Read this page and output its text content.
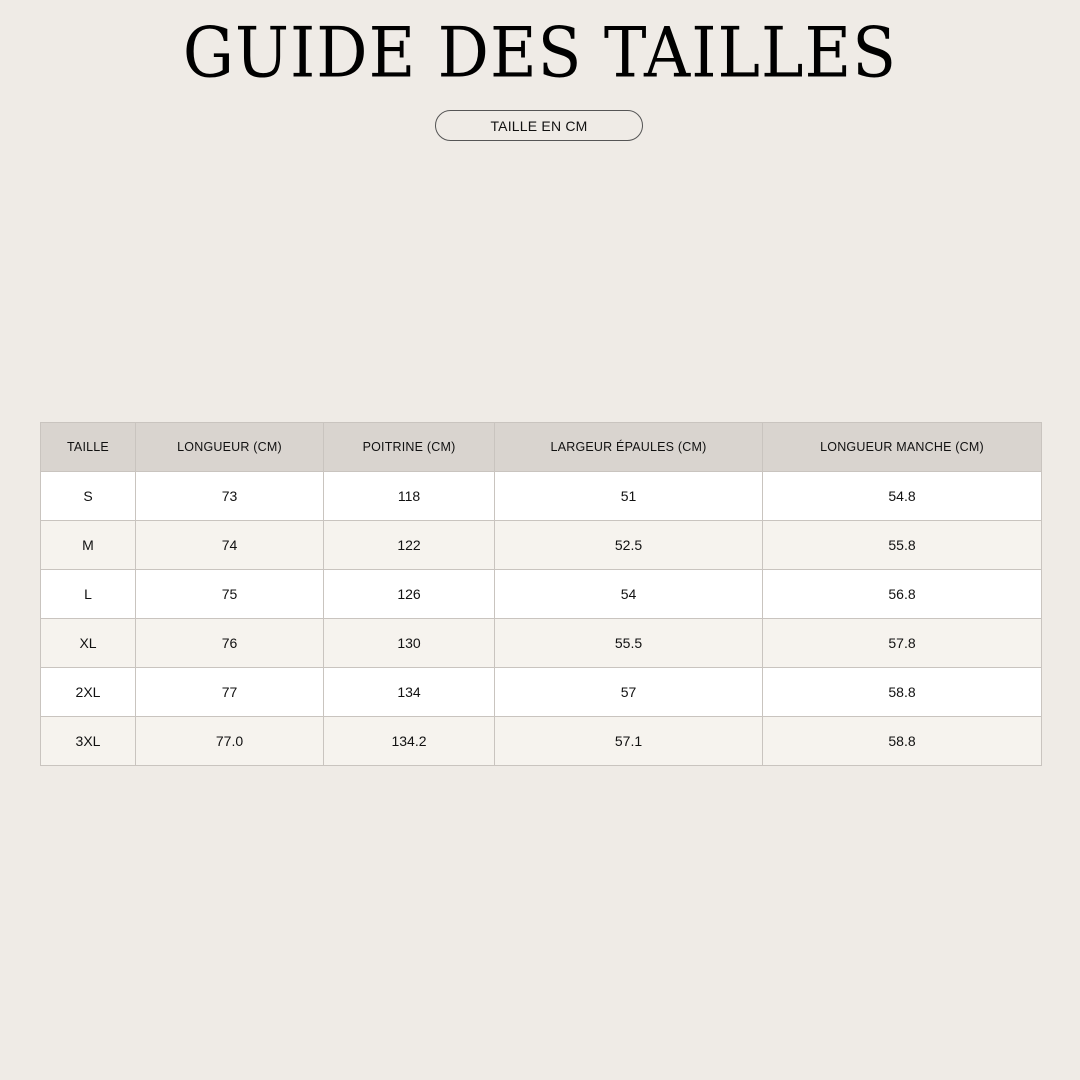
GUIDE DES TAILLES
TAILLE EN CM
TAILLE	LONGUEUR (CM)	POITRINE (CM)	LARGEUR ÉPAULES (CM)	LONGUEUR MANCHE (CM)
S	73	118	51	54.8
M	74	122	52.5	55.8
L	75	126	54	56.8
XL	76	130	55.5	57.8
2XL	77	134	57	58.8
3XL	77.0	134.2	57.1	58.8
